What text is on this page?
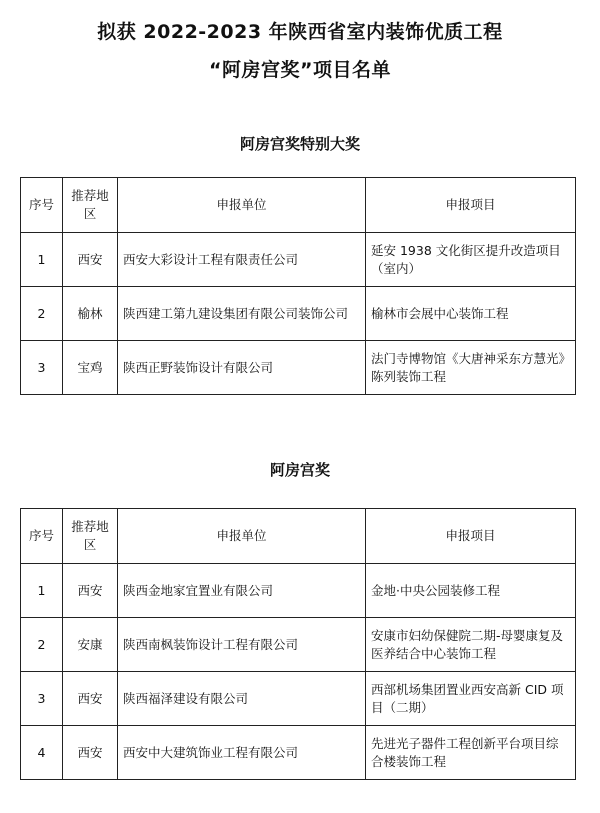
拟获 2022-2023 年陕西省室内装饰优质工程
“阿房宫奖”项目名单
阿房宫奖特别大奖
序号	推荐地区	申报单位	申报项目
1	西安	西安大彩设计工程有限责任公司	延安 1938 文化街区提升改造项目（室内）
2	榆林	陕西建工第九建设集团有限公司装饰公司	榆林市会展中心装饰工程
3	宝鸡	陕西正野装饰设计有限公司	法门寺博物馆《大唐神采东方慧光》陈列装饰工程
阿房宫奖
序号	推荐地区	申报单位	申报项目
1	西安	陕西金地家宜置业有限公司	金地·中央公园装修工程
2	安康	陕西南枫装饰设计工程有限公司	安康市妇幼保健院二期-母婴康复及医养结合中心装饰工程
3	西安	陕西福泽建设有限公司	西部机场集团置业西安高新 CID 项目（二期）
4	西安	西安中大建筑饰业工程有限公司	先进光子器件工程创新平台项目综合楼装饰工程
